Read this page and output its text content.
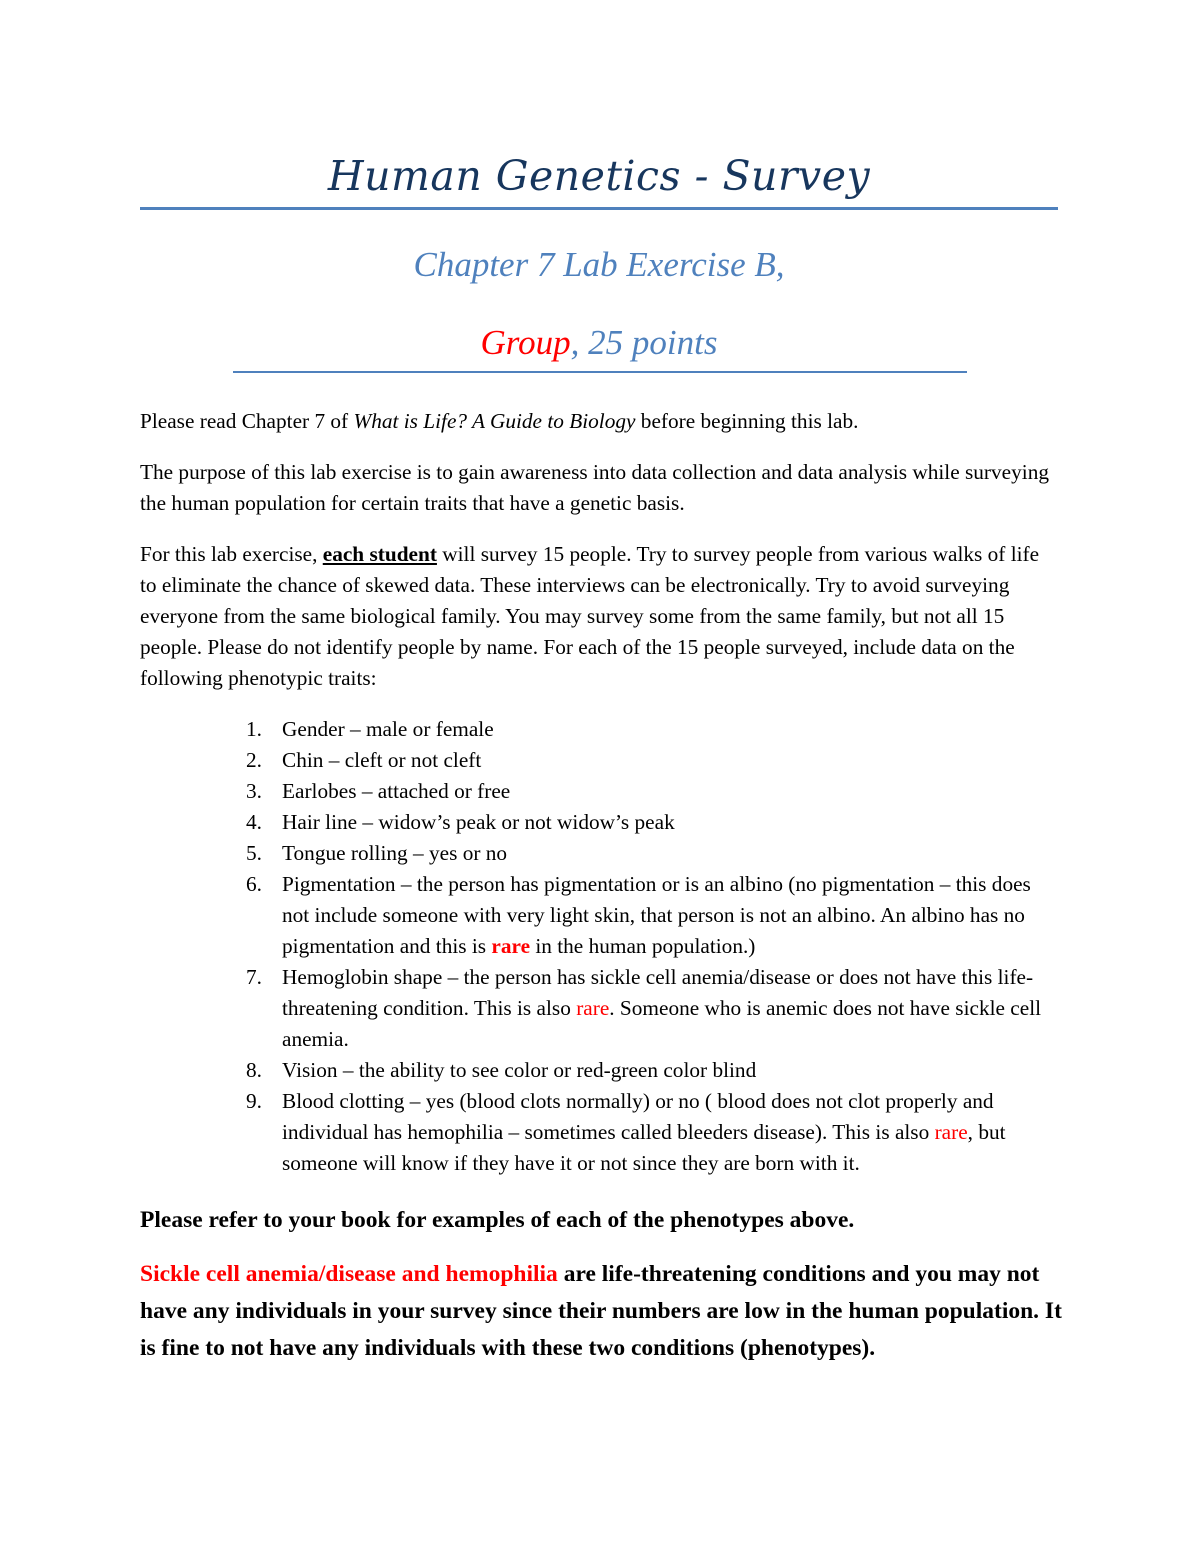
Human Genetics - Survey
Chapter 7 Lab Exercise B,
Group, 25 points
Please read Chapter 7 of What is Life? A Guide to Biology before beginning this lab.
The purpose of this lab exercise is to gain awareness into data collection and data analysis while surveying the human population for certain traits that have a genetic basis.
For this lab exercise, each student will survey 15 people. Try to survey people from various walks of life to eliminate the chance of skewed data. These interviews can be electronically. Try to avoid surveying everyone from the same biological family. You may survey some from the same family, but not all 15 people. Please do not identify people by name. For each of the 15 people surveyed, include data on the following phenotypic traits:
1. Gender – male or female
2. Chin – cleft or not cleft
3. Earlobes – attached or free
4. Hair line – widow’s peak or not widow’s peak
5. Tongue rolling – yes or no
6. Pigmentation – the person has pigmentation or is an albino (no pigmentation – this does not include someone with very light skin, that person is not an albino. An albino has no pigmentation and this is rare in the human population.)
7. Hemoglobin shape – the person has sickle cell anemia/disease or does not have this life-threatening condition. This is also rare. Someone who is anemic does not have sickle cell anemia.
8. Vision – the ability to see color or red-green color blind
9. Blood clotting – yes (blood clots normally) or no ( blood does not clot properly and individual has hemophilia – sometimes called bleeders disease). This is also rare, but someone will know if they have it or not since they are born with it.
Please refer to your book for examples of each of the phenotypes above.
Sickle cell anemia/disease and hemophilia are life-threatening conditions and you may not have any individuals in your survey since their numbers are low in the human population. It is fine to not have any individuals with these two conditions (phenotypes).
